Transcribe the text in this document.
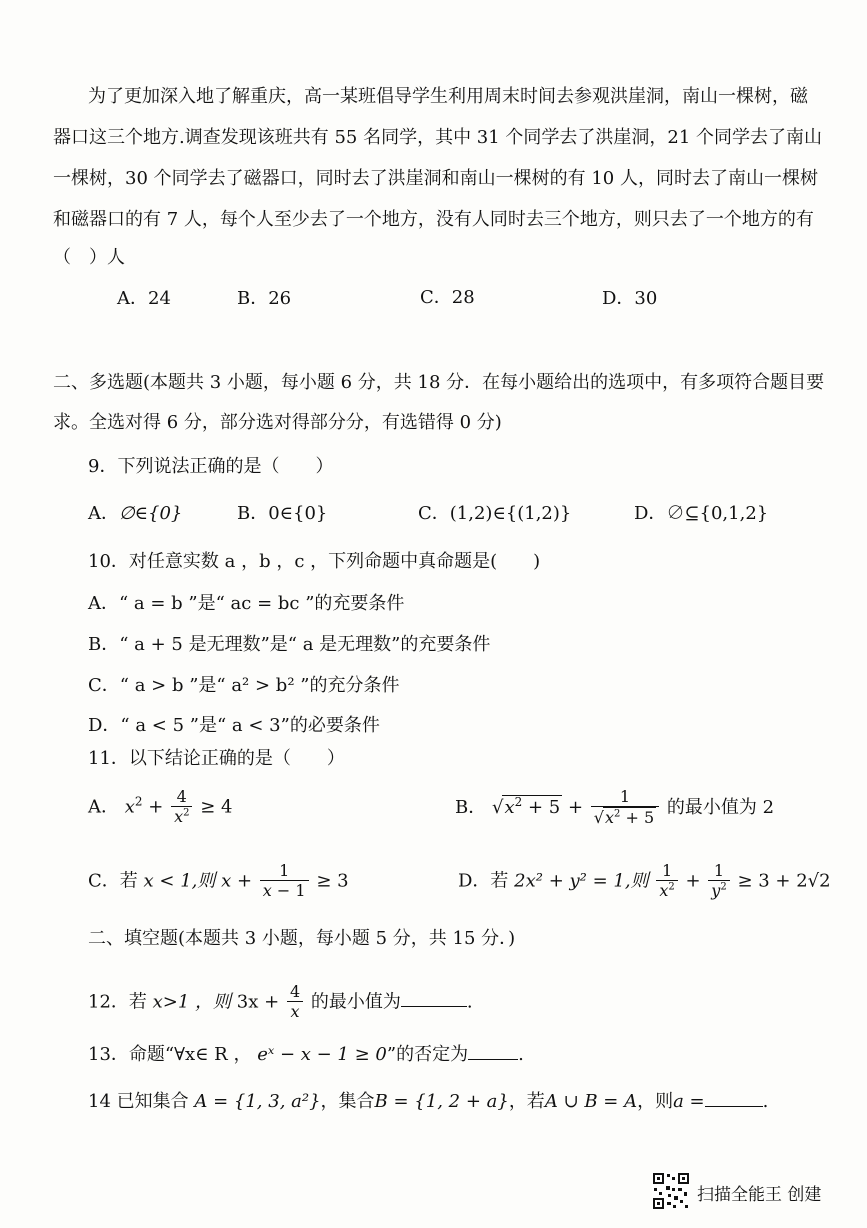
为了更加深入地了解重庆，高一某班倡导学生利用周末时间去参观洪崖洞，南山一棵树，磁
器口这三个地方.调查发现该班共有 55 名同学，其中 31 个同学去了洪崖洞，21 个同学去了南山
一棵树，30 个同学去了磁器口，同时去了洪崖洞和南山一棵树的有 10 人，同时去了南山一棵树
和磁器口的有 7 人，每个人至少去了一个地方，没有人同时去三个地方，则只去了一个地方的有
（　）人
A．24	B．26	C．28	D．30
二、多选题(本题共 3 小题，每小题 6 分，共 18 分．在每小题给出的选项中，有多项符合题目要
求。全选对得 6 分，部分选对得部分分，有选错得 0 分)
9．下列说法正确的是（　　）
A．∅∈{0}	B．0∈{0}	C．(1,2)∈{(1,2)}	D．∅⊆{0,1,2}
10．对任意实数 a ，b ，c ，下列命题中真命题是(　　)
A．“ a = b ”是“ ac = bc ”的充要条件
B．“ a + 5 是无理数”是“ a 是无理数”的充要条件
C．“ a > b ”是“ a² > b² ”的充分条件
D．“ a < 5 ”是“ a < 3”的必要条件
11．以下结论正确的是（　　）
A． $x^2 + \frac{4}{x^2} \ge 4$	B． $√x^2 + 5 + \frac{1}{√x^2 + 5}$ 的最小值为 2
C．若 x < 1,则 $x + \frac{1}{x - 1} \ge 3$	D．若 2x² + y² = 1,则 $\frac{1}{x^2} + \frac{1}{y^2} \ge 3 + 2√2$
二、填空题(本题共 3 小题，每小题 5 分，共 15 分．)
12．若 x>1 ，则 $3x + \frac{4}{x}$ 的最小值为	.
13．命题“∀x∈ R ， eˣ − x − 1 ≥ 0”的否定为	.
14 已知集合 A = {1, 3, a²}，集合B = {1, 2 + a}，若A ∪ B = A，则a =	.
扫描全能王 创建
